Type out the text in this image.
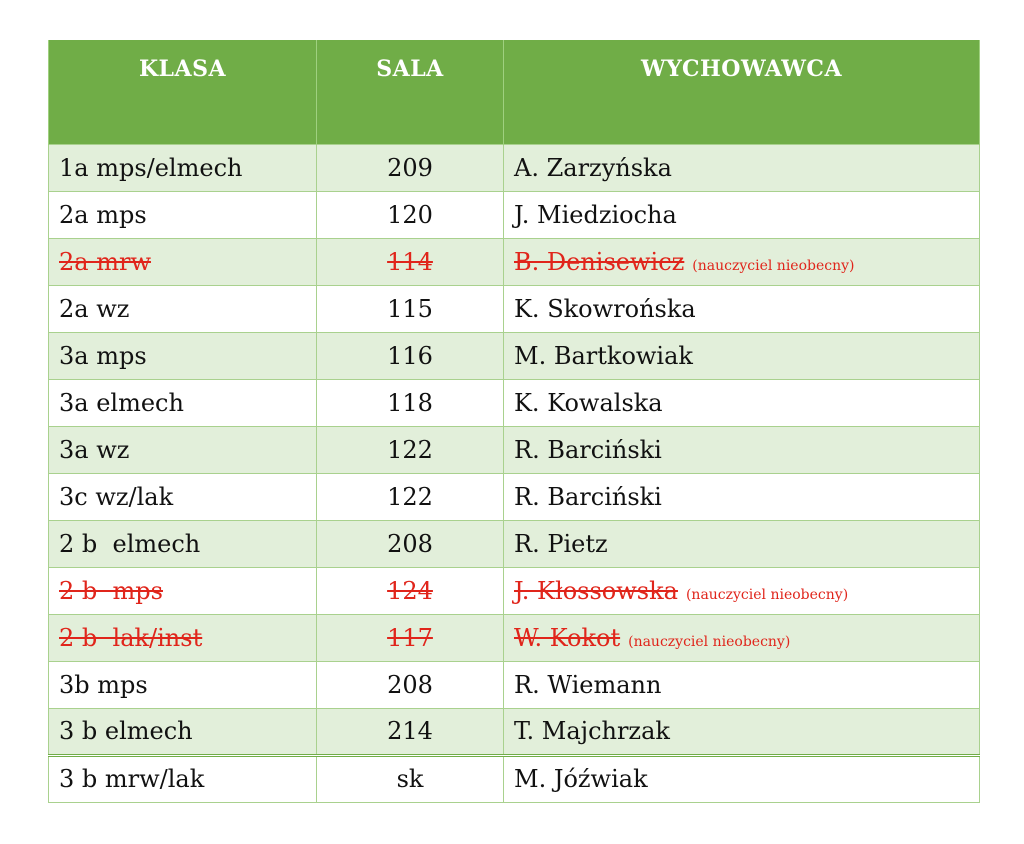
KLASA	SALA	WYCHOWAWCA
1a mps/elmech	209	A. Zarzyńska
2a mps	120	J. Miedziocha
2a mrw	114	B. Denisewicz (nauczyciel nieobecny)
2a wz	115	K. Skowrońska
3a mps	116	M. Bartkowiak
3a elmech	118	K. Kowalska
3a wz	122	R. Barciński
3c wz/lak	122	R. Barciński
2 b  elmech	208	R. Pietz
2 b  mps	124	J. Kłossowska (nauczyciel nieobecny)
2 b  lak/inst	117	W. Kokot (nauczyciel nieobecny)
3b mps	208	R. Wiemann
3 b elmech	214	T. Majchrzak
3 b mrw/lak	sk	M. Jóźwiak
